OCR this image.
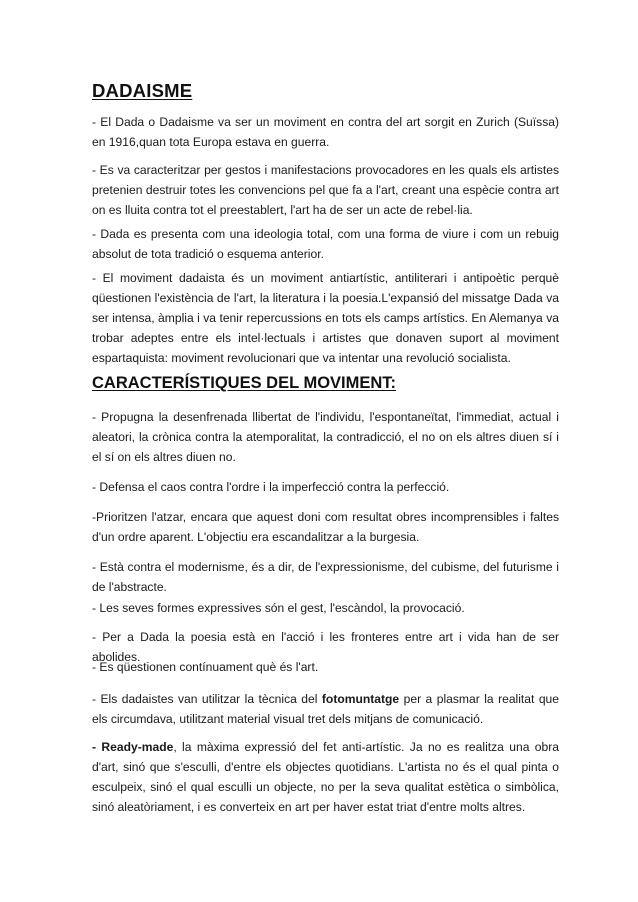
DADAISME

- El Dada o Dadaisme va ser un moviment en contra del art sorgit en Zurich (Suïssa) en 1916,quan tota Europa estava en guerra.

- Es va caracteritzar per gestos i manifestacions provocadores en les quals els artistes pretenien destruir totes les convencions pel que fa a l'art, creant una espècie contra art on es lluita contra tot el preestablert, l'art ha de ser un acte de rebel·lia.

- Dada es presenta com una ideologia total, com una forma de viure i com un rebuig absolut de tota tradició o esquema anterior.

- El moviment dadaista és un moviment antiartístic, antiliterari i antipoètic perquè qüestionen l'existència de l'art, la literatura i la poesia.L'expansió del missatge Dada va ser intensa, àmplia i va tenir repercussions en tots els camps artístics. En Alemanya va trobar adeptes entre els intel·lectuals i artistes que donaven suport al moviment espartaquista: moviment revolucionari que va intentar una revolució socialista.

CARACTERÍSTIQUES DEL MOVIMENT:

- Propugna la desenfrenada llibertat de l'individu, l'espontaneïtat, l'immediat, actual i aleatori, la crònica contra la atemporalitat, la contradicció, el no on els altres diuen sí i el sí on els altres diuen no.

- Defensa el caos contra l'ordre i la imperfecció contra la perfecció.

-Prioritzen l'atzar, encara que aquest doni com resultat obres incomprensibles i faltes d'un ordre aparent. L'objectiu era escandalitzar a la burgesia.

- Està contra el modernisme, és a dir, de l'expressionisme, del cubisme, del futurisme i de l'abstracte.

- Les seves formes expressives són el gest, l'escàndol, la provocació.

- Per a Dada la poesia està en l'acció i les fronteres entre art i vida han de ser abolides.

- Es qüestionen contínuament què és l'art.

- Els dadaistes van utilitzar la tècnica del fotomuntatge per a plasmar la realitat que els circumdava, utilitzant material visual tret dels mitjans de comunicació.

- Ready-made, la màxima expressió del fet anti-artístic. Ja no es realitza una obra d'art, sinó que s'esculli, d'entre els objectes quotidians. L'artista no és el qual pinta o esculpeix, sinó el qual esculli un objecte, no per la seva qualitat estètica o simbòlica, sinó aleatòriament, i es converteix en art per haver estat triat d'entre molts altres.
